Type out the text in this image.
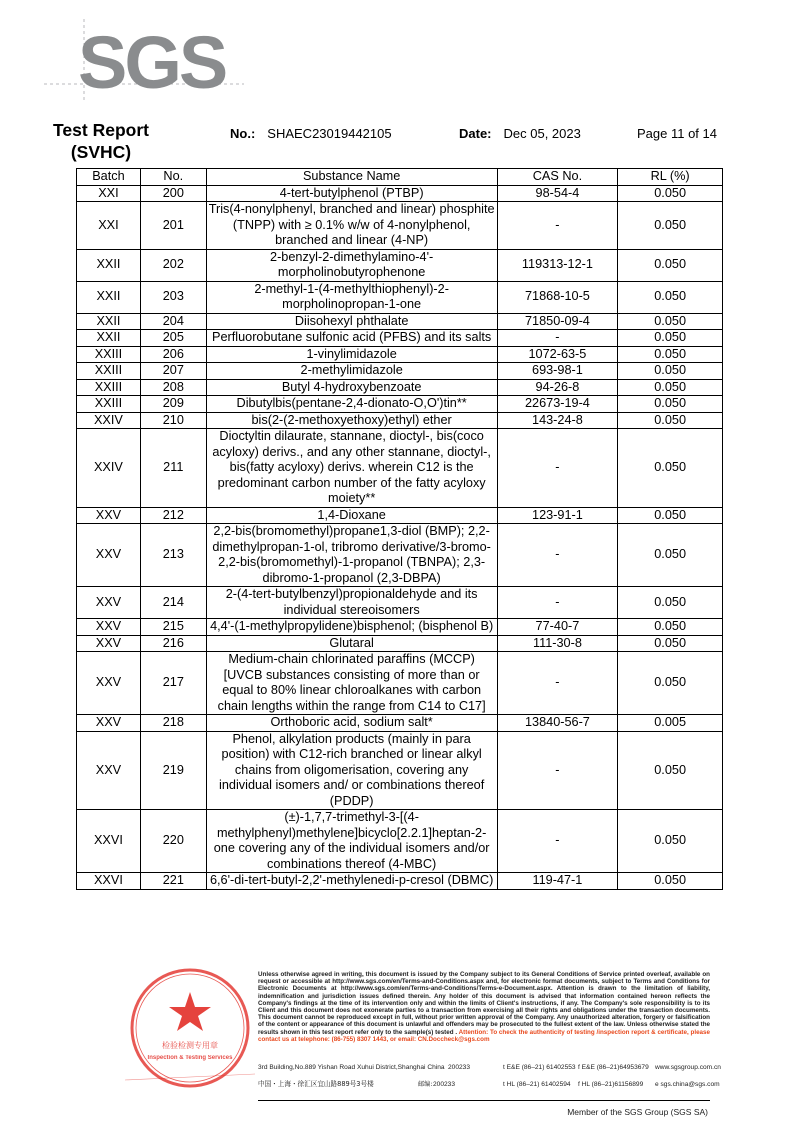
SGS
Test Report
(SVHC)
No.: SHAEC23019442105	Date: Dec 05, 2023	Page 11 of 14
Batch	No.	Substance Name	CAS No.	RL (%)
XXI	200	4-tert-butylphenol (PTBP)	98-54-4	0.050
XXI	201	Tris(4-nonylphenyl, branched and linear) phosphite (TNPP) with ≥ 0.1% w/w of 4-nonylphenol, branched and linear (4-NP)	-	0.050
XXII	202	2-benzyl-2-dimethylamino-4'-morpholinobutyrophenone	119313-12-1	0.050
XXII	203	2-methyl-1-(4-methylthiophenyl)-2-morpholinopropan-1-one	71868-10-5	0.050
XXII	204	Diisohexyl phthalate	71850-09-4	0.050
XXII	205	Perfluorobutane sulfonic acid (PFBS) and its salts	-	0.050
XXIII	206	1-vinylimidazole	1072-63-5	0.050
XXIII	207	2-methylimidazole	693-98-1	0.050
XXIII	208	Butyl 4-hydroxybenzoate	94-26-8	0.050
XXIII	209	Dibutylbis(pentane-2,4-dionato-O,O')tin**	22673-19-4	0.050
XXIV	210	bis(2-(2-methoxyethoxy)ethyl) ether	143-24-8	0.050
XXIV	211	Dioctyltin dilaurate, stannane, dioctyl-, bis(coco acyloxy) derivs., and any other stannane, dioctyl-, bis(fatty acyloxy) derivs. wherein C12 is the predominant carbon number of the fatty acyloxy moiety**	-	0.050
XXV	212	1,4-Dioxane	123-91-1	0.050
XXV	213	2,2-bis(bromomethyl)propane1,3-diol (BMP); 2,2-dimethylpropan-1-ol, tribromo derivative/3-bromo-2,2-bis(bromomethyl)-1-propanol (TBNPA); 2,3-dibromo-1-propanol (2,3-DBPA)	-	0.050
XXV	214	2-(4-tert-butylbenzyl)propionaldehyde and its individual stereoisomers	-	0.050
XXV	215	4,4'-(1-methylpropylidene)bisphenol; (bisphenol B)	77-40-7	0.050
XXV	216	Glutaral	111-30-8	0.050
XXV	217	Medium-chain chlorinated paraffins (MCCP) [UVCB substances consisting of more than or equal to 80% linear chloroalkanes with carbon chain lengths within the range from C14 to C17]	-	0.050
XXV	218	Orthoboric acid, sodium salt*	13840-56-7	0.005
XXV	219	Phenol, alkylation products (mainly in para position) with C12-rich branched or linear alkyl chains from oligomerisation, covering any individual isomers and/ or combinations thereof (PDDP)	-	0.050
XXVI	220	(±)-1,7,7-trimethyl-3-[(4-methylphenyl)methylene]bicyclo[2.2.1]heptan-2-one covering any of the individual isomers and/or combinations thereof (4-MBC)	-	0.050
XXVI	221	6,6'-di-tert-butyl-2,2'-methylenedi-p-cresol (DBMC)	119-47-1	0.050
检验检测专用章
Inspection & Testing Services
Unless otherwise agreed in writing, this document is issued by the Company subject to its General Conditions of Service printed overleaf, available on request or accessible at http://www.sgs.com/en/Terms-and-Conditions.aspx and, for electronic format documents, subject to Terms and Conditions for Electronic Documents at http://www.sgs.com/en/Terms-and-Conditions/Terms-e-Document.aspx. Attention is drawn to the limitation of liability, indemnification and jurisdiction issues defined therein. Any holder of this document is advised that information contained hereon reflects the Company's findings at the time of its intervention only and within the limits of Client's instructions, if any. The Company's sole responsibility is to its Client and this document does not exonerate parties to a transaction from exercising all their rights and obligations under the transaction documents. This document cannot be reproduced except in full, without prior written approval of the Company. Any unauthorized alteration, forgery or falsification of the content or appearance of this document is unlawful and offenders may be prosecuted to the fullest extent of the law. Unless otherwise stated the results shown in this test report refer only to the sample(s) tested . Attention: To check the authenticity of testing /inspection report & certificate, please contact us at telephone: (86-755) 8307 1443, or email: CN.Doccheck@sgs.com
3rd Building,No.889 Yishan Road Xuhui District,Shanghai China 200233	t E&E (86–21) 61402553 f E&E (86–21)64953679 www.sgsgroup.com.cn
中国・上海・徐汇区宜山路889号3号楼	邮编:200233	t HL (86–21) 61402594 f HL (86–21)61156899 e sgs.china@sgs.com
Member of the SGS Group (SGS SA)
